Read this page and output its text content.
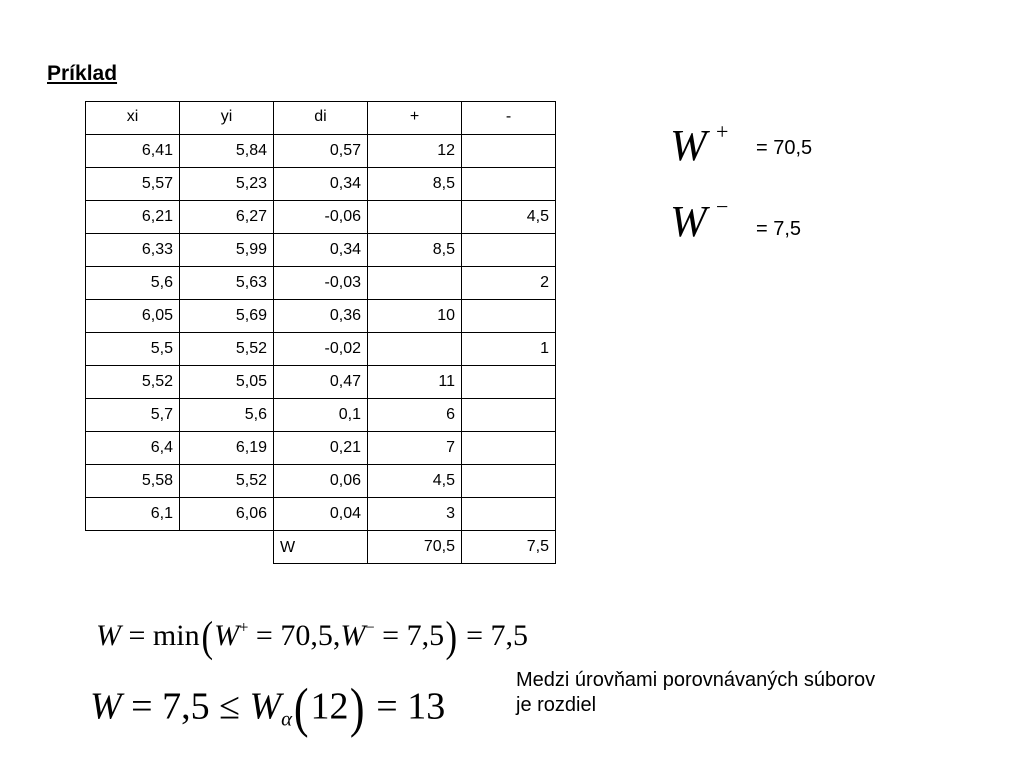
Príklad
xi	yi	di	+	-
6,41	5,84	0,57	12	
5,57	5,23	0,34	8,5	
6,21	6,27	-0,06		4,5
6,33	5,99	0,34	8,5	
5,6	5,63	-0,03		2
6,05	5,69	0,36	10	
5,5	5,52	-0,02		1
5,52	5,05	0,47	11	
5,7	5,6	0,1	6	
6,4	6,19	0,21	7	
5,58	5,52	0,06	4,5	
6,1	6,06	0,04	3	
		W	70,5	7,5
W +
= 70,5
W −
= 7,5
W = min(W+ = 70,5,W− = 7,5) = 7,5
$W = 7,5 \le W_\alpha(12) = 13$
Medzi úrovňami porovnávaných súborov
je rozdiel
